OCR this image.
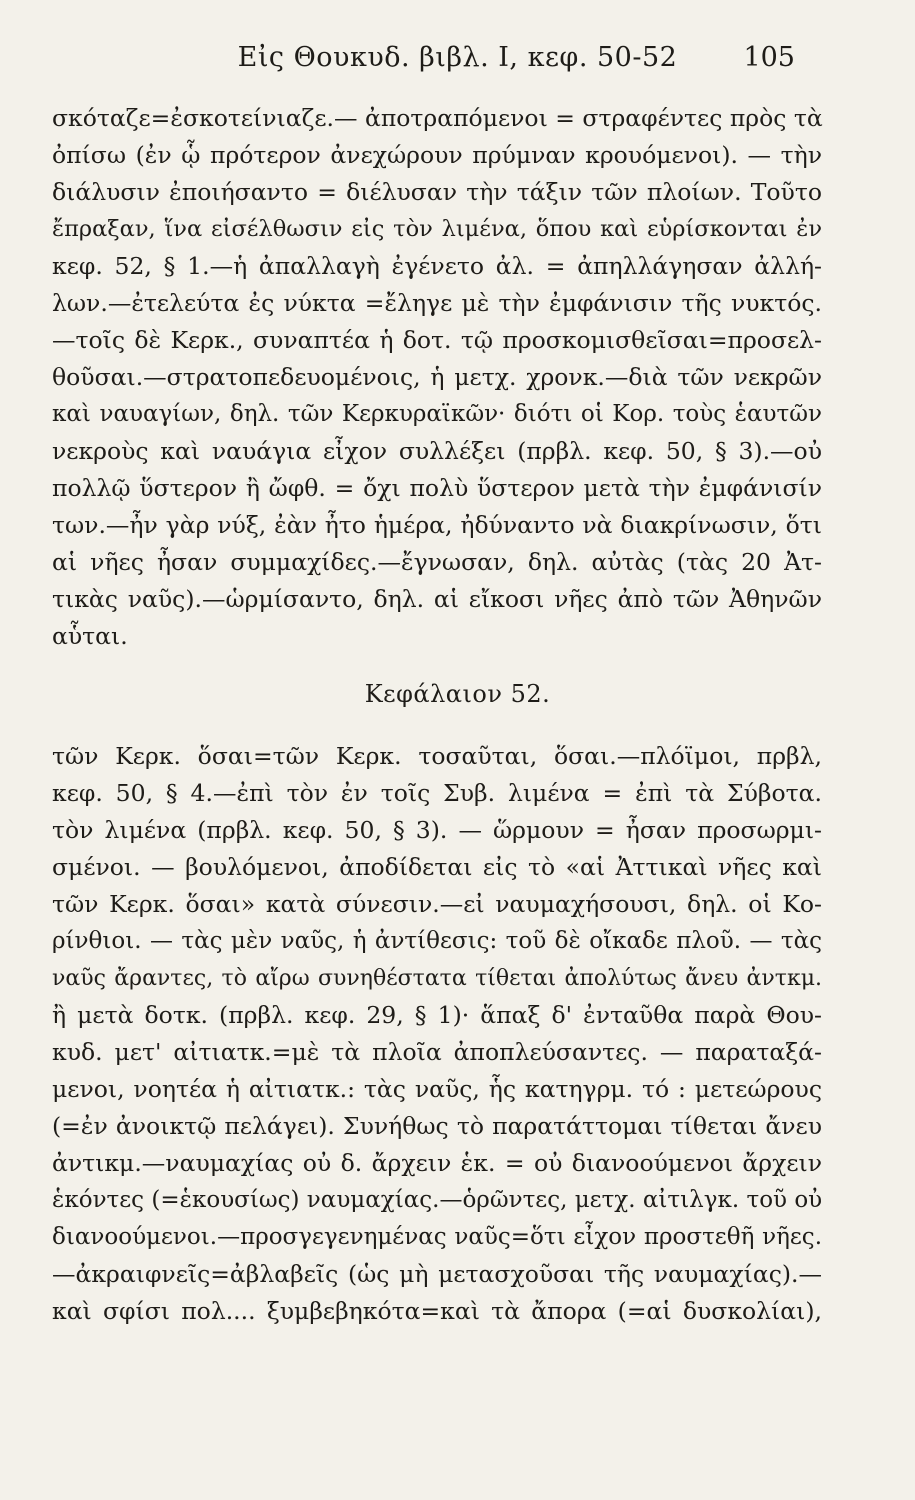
Εἰς Θουκυδ. βιβλ. I, κεφ. 50-52	105
σκόταζε=ἐσκοτείνιαζε.— ἀποτραπόμενοι = στραφέντες πρὸς τὰ
ὀπίσω (ἐν ᾧ πρότερον ἀνεχώρουν πρύμναν κρουόμενοι). — τὴν
διάλυσιν ἐποιήσαντο = διέλυσαν τὴν τάξιν τῶν πλοίων. Τοῦτο
ἔπραξαν, ἵνα εἰσέλθωσιν εἰς τὸν λιμένα, ὅπου καὶ εὑρίσκονται ἐν
κεφ. 52, § 1.—ἡ ἀπαλλαγὴ ἐγένετο ἀλ. = ἀπηλλάγησαν ἀλλή-
λων.—ἐτελεύτα ἐς νύκτα =ἔληγε μὲ τὴν ἐμφάνισιν τῆς νυκτός.
—τοῖς δὲ Κερκ., συναπτέα ἡ δοτ. τῷ προσκομισθεῖσαι=προσελ-
θοῦσαι.—στρατοπεδευομένοις, ἡ μετχ. χρονκ.—διὰ τῶν νεκρῶν
καὶ ναυαγίων, δηλ. τῶν Κερκυραϊκῶν· διότι οἱ Κορ. τοὺς ἑαυτῶν
νεκροὺς καὶ ναυάγια εἶχον συλλέξει (πρβλ. κεφ. 50, § 3).—οὐ
πολλῷ ὕστερον ἢ ὤφθ. = ὄχι πολὺ ὕστερον μετὰ τὴν ἐμφάνισίν
των.—ἦν γὰρ νύξ, ἐὰν ἦτο ἡμέρα, ἠδύναντο νὰ διακρίνωσιν, ὅτι
αἱ νῆες ἦσαν συμμαχίδες.—ἔγνωσαν, δηλ. αὐτὰς (τὰς 20 Ἀτ-
τικὰς ναῦς).—ὡρμίσαντο, δηλ. αἱ εἴκοσι νῆες ἀπὸ τῶν Ἀθηνῶν
αὗται.
Κεφάλαιον 52.
τῶν Κερκ. ὅσαι=τῶν Κερκ. τοσαῦται, ὅσαι.—πλόϊμοι, πρβλ,
κεφ. 50, § 4.—ἐπὶ τὸν ἐν τοῖς Συβ. λιμένα = ἐπὶ τὰ Σύβοτα.
τὸν λιμένα (πρβλ. κεφ. 50, § 3). — ὥρμουν = ἦσαν προσωρμι-
σμένοι. — βουλόμενοι, ἀποδίδεται εἰς τὸ «αἱ Ἀττικαὶ νῆες καὶ
τῶν Κερκ. ὅσαι» κατὰ σύνεσιν.—εἰ ναυμαχήσουσι, δηλ. οἱ Κο-
ρίνθιοι. — τὰς μὲν ναῦς, ἡ ἀντίθεσις: τοῦ δὲ οἴκαδε πλοῦ. — τὰς
ναῦς ἄραντες, τὸ αἴρω συνηθέστατα τίθεται ἀπολύτως ἄνευ ἀντκμ.
ἢ μετὰ δοτκ. (πρβλ. κεφ. 29, § 1)· ἅπαξ δ' ἐνταῦθα παρὰ Θου-
κυδ. μετ' αἰτιατκ.=μὲ τὰ πλοῖα ἀποπλεύσαντες. — παραταξά-
μενοι, νοητέα ἡ αἰτιατκ.: τὰς ναῦς, ἧς κατηγρμ. τό : μετεώρους
(=ἐν ἀνοικτῷ πελάγει). Συνήθως τὸ παρατάττομαι τίθεται ἄνευ
ἀντικμ.—ναυμαχίας οὐ δ. ἄρχειν ἑκ. = οὐ διανοούμενοι ἄρχειν
ἑκόντες (=ἑκουσίως) ναυμαχίας.—ὁρῶντες, μετχ. αἰτιλγκ. τοῦ οὐ
διανοούμενοι.—προσγεγενημένας ναῦς=ὅτι εἶχον προστεθῆ νῆες.
—ἀκραιφνεῖς=ἀβλαβεῖς (ὡς μὴ μετασχοῦσαι τῆς ναυμαχίας).—
καὶ σφίσι πολ.... ξυμβεβηκότα=καὶ τὰ ἄπορα (=αἱ δυσκολίαι),
